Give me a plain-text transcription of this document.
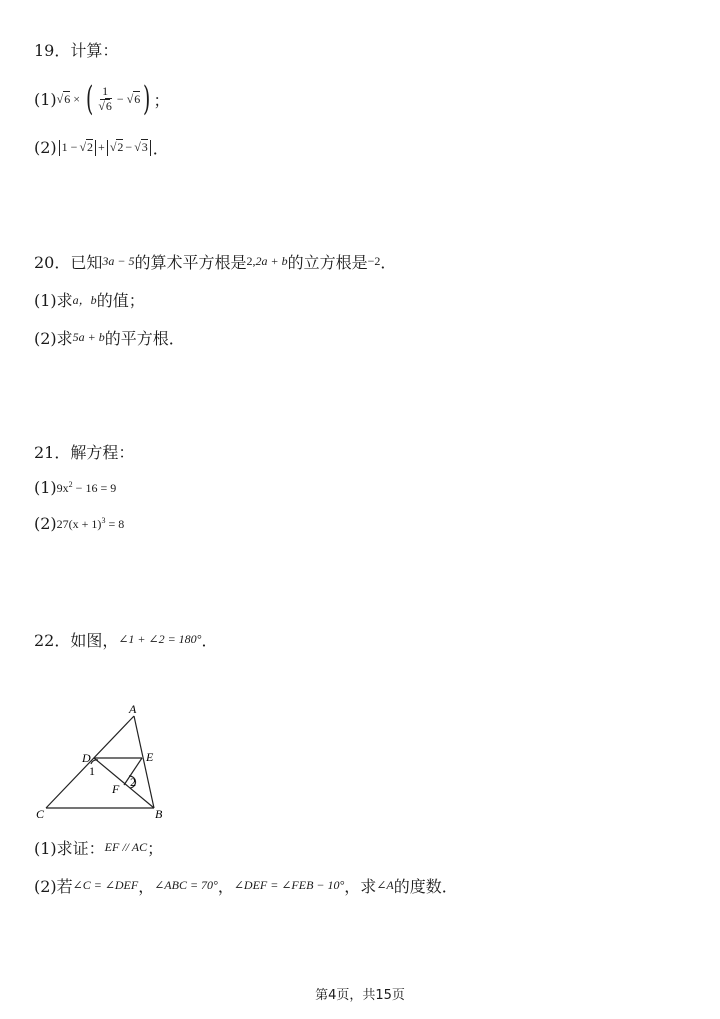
19．计算：
(1) √6 × ( $\frac{1}{√6} - √6$ ) ；
(2) 1 − √2 + √2 − √3 ．
20．已知 3a − 5 的算术平方根是 2 , 2a + b 的立方根是 −2 ．
(1)求 a，b 的值；
(2)求 5a + b 的平方根．
21．解方程：
(1) $9x^2 - 16 = 9$
(2) $27(x + 1)^3 = 8$
22．如图， ∠1 + ∠2 = 180° ．
A
B
C
D	E
F
1
2
(1)求证： EF // AC ；
(2)若 ∠C = ∠DEF ， ∠ABC = 70° ， ∠DEF = ∠FEB − 10° ，求 ∠A 的度数．
第4页，共15页
